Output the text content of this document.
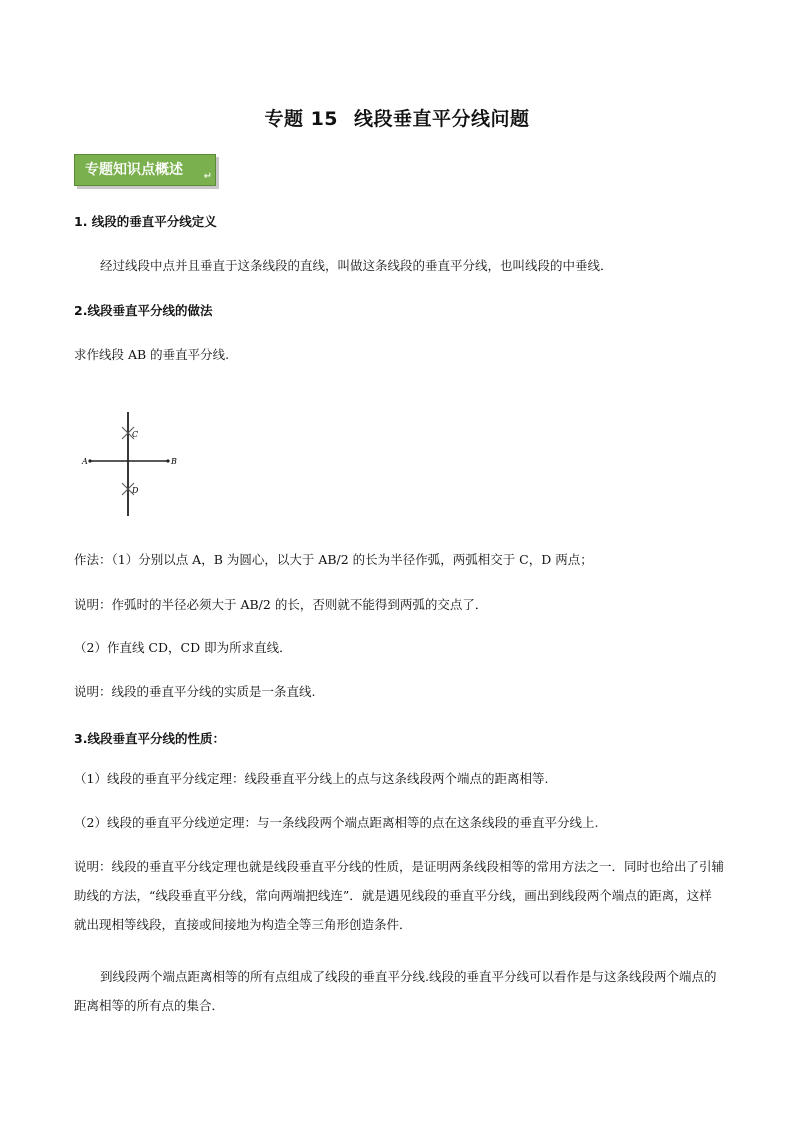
专题 15 线段垂直平分线问题
专题知识点概述	↵
1. 线段的垂直平分线定义
经过线段中点并且垂直于这条线段的直线，叫做这条线段的垂直平分线，也叫线段的中垂线．
2.线段垂直平分线的做法
求作线段 AB 的垂直平分线.
A	B
C
D
作法：（1）分别以点 A，B 为圆心，以大于 AB/2 的长为半径作弧，两弧相交于 C，D 两点；
说明：作弧时的半径必须大于 AB/2 的长，否则就不能得到两弧的交点了．
（2）作直线 CD，CD 即为所求直线．
说明：线段的垂直平分线的实质是一条直线.
3.线段垂直平分线的性质：
（1）线段的垂直平分线定理：线段垂直平分线上的点与这条线段两个端点的距离相等.
（2）线段的垂直平分线逆定理：与一条线段两个端点距离相等的点在这条线段的垂直平分线上.
说明：线段的垂直平分线定理也就是线段垂直平分线的性质，是证明两条线段相等的常用方法之一．同时也给出了引辅助线的方法，“线段垂直平分线，常向两端把线连”．就是遇见线段的垂直平分线，画出到线段两个端点的距离，这样就出现相等线段，直接或间接地为构造全等三角形创造条件．
到线段两个端点距离相等的所有点组成了线段的垂直平分线.线段的垂直平分线可以看作是与这条线段两个端点的距离相等的所有点的集合．
